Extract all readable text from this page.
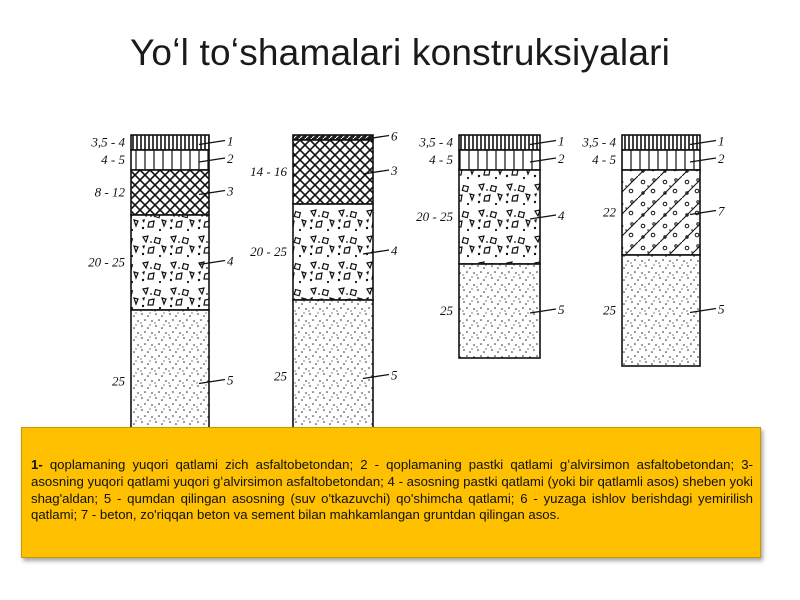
Yoʻl toʻshamalari konstruksiyalari
1
3,5 - 4
2
4 - 5
3
8 - 12
4
20 - 25
5
25
6
3
14 - 16
4
20 - 25
5
25
1
3,5 - 4
2
4 - 5
4
20 - 25
5
25
1
3,5 - 4
2
4 - 5
7
22
5
25
1- qoplamaning yuqori qatlami zich asfaltobetondan; 2 - qoplamaning pastki qatlami gʻalvirsimon asfaltobetondan; 3-asosning yuqori qatlami yuqori gʻalvirsimon asfaltobetondan; 4 - asosning pastki qatlami (yoki bir qatlamli asos) sheben yoki shag'aldan; 5 - qumdan qilingan asosning (suv o'tkazuvchi) qo'shimcha qatlami; 6 - yuzaga ishlov berishdagi yemirilish qatlami; 7 - beton, zo'riqqan beton va sement bilan mahkamlangan gruntdan qilingan asos.
